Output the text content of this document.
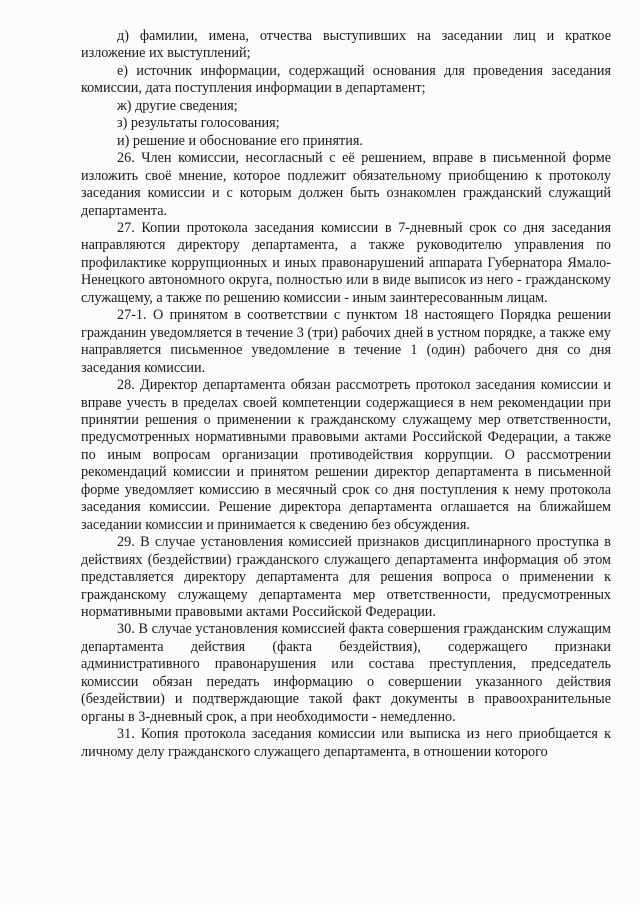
д) фамилии, имена, отчества выступивших на заседании лиц и краткое изложение их выступлений;

е) источник информации, содержащий основания для проведения заседания комиссии, дата поступления информации в департамент;

ж) другие сведения;

з) результаты голосования;

и) решение и обоснование его принятия.

26. Член комиссии, несогласный с её решением, вправе в письменной форме изложить своё мнение, которое подлежит обязательному приобщению к протоколу заседания комиссии и с которым должен быть ознакомлен гражданский служащий департамента.

27. Копии протокола заседания комиссии в 7-дневный срок со дня заседания направляются директору департамента, а также руководителю управления по профилактике коррупционных и иных правонарушений аппарата Губернатора Ямало-Ненецкого автономного округа, полностью или в виде выписок из него - гражданскому служащему, а также по решению комиссии - иным заинтересованным лицам.

27-1. О принятом в соответствии с пунктом 18 настоящего Порядка решении гражданин уведомляется в течение 3 (три) рабочих дней в устном порядке, а также ему направляется письменное уведомление в течение 1 (один) рабочего дня со дня заседания комиссии.

28. Директор департамента обязан рассмотреть протокол заседания комиссии и вправе учесть в пределах своей компетенции содержащиеся в нем рекомендации при принятии решения о применении к гражданскому служащему мер ответственности, предусмотренных нормативными правовыми актами Российской Федерации, а также по иным вопросам организации противодействия коррупции. О рассмотрении рекомендаций комиссии и принятом решении директор департамента в письменной форме уведомляет комиссию в месячный срок со дня поступления к нему протокола заседания комиссии. Решение директора департамента оглашается на ближайшем заседании комиссии и принимается к сведению без обсуждения.

29. В случае установления комиссией признаков дисциплинарного проступка в действиях (бездействии) гражданского служащего департамента информация об этом представляется директору департамента для решения вопроса о применении к гражданскому служащему департамента мер ответственности, предусмотренных нормативными правовыми актами Российской Федерации.

30. В случае установления комиссией факта совершения гражданским служащим департамента действия (факта бездействия), содержащего признаки административного правонарушения или состава преступления, председатель комиссии обязан передать информацию о совершении указанного действия (бездействии) и подтверждающие такой факт документы в правоохранительные органы в 3-дневный срок, а при необходимости - немедленно.

31. Копия протокола заседания комиссии или выписка из него приобщается к личному делу гражданского служащего департамента, в отношении которого
